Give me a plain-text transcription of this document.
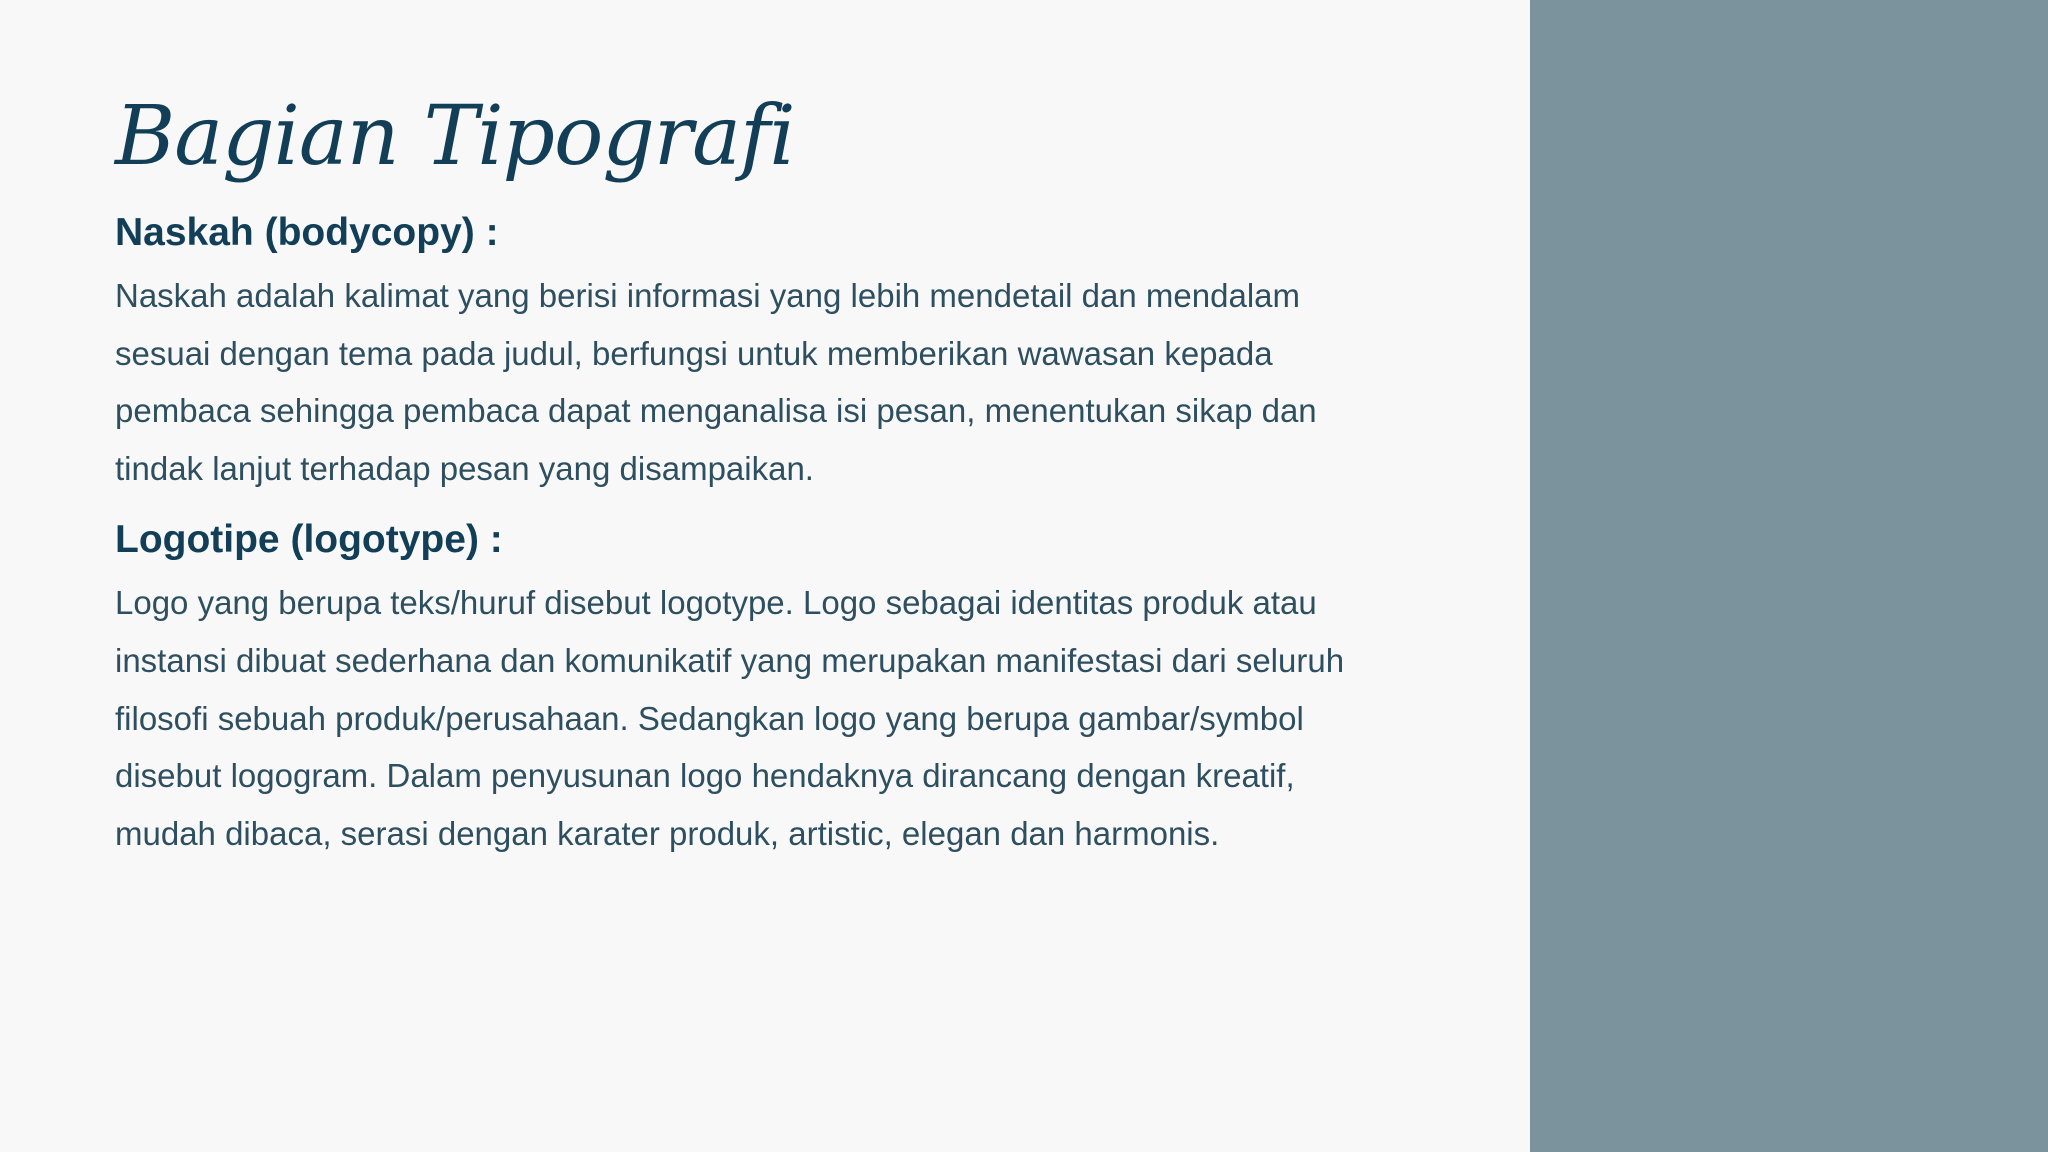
Bagian Tipografi
Naskah (bodycopy) :

Naskah adalah kalimat yang berisi informasi yang lebih mendetail dan mendalam sesuai dengan tema pada judul, berfungsi untuk memberikan wawasan kepada pembaca sehingga pembaca dapat menganalisa isi pesan, menentukan sikap dan tindak lanjut terhadap pesan yang disampaikan.

Logotipe (logotype) :

Logo yang berupa teks/huruf disebut logotype. Logo sebagai identitas produk atau instansi dibuat sederhana dan komunikatif yang merupakan manifestasi dari seluruh filosofi sebuah produk/perusahaan. Sedangkan logo yang berupa gambar/symbol disebut logogram. Dalam penyusunan logo hendaknya dirancang dengan kreatif, mudah dibaca, serasi dengan karater produk, artistic, elegan dan harmonis.
